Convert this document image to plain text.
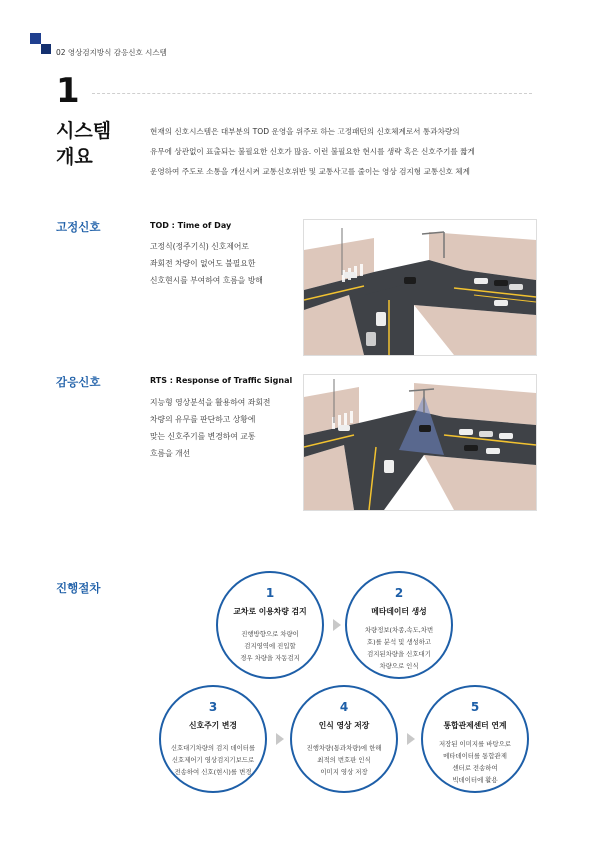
02 영상검지방식 감응신호 시스템
1
시스템
개요
현재의 신호시스템은 대부분의 TOD 운영을 위주로 하는 고정패턴의 신호체계로서 통과차량의
유무에 상관없이 표출되는 불필요한 신호가 많음. 이런 불필요한 현시를 생략 혹은 신호주기를 짧게
운영하여 주도로 소통을 개선시켜 교통신호위반 및 교통사고를 줄이는 영상 검지형 교통신호 체계
고정신호	TOD : Time of Day
고정식(정주기식) 신호제어로
좌회전 차량이 없어도 불필요한
신호현시를 부여하여 흐름을 방해
감응신호	RTS : Response of Traffic Signal
지능형 영상분석을 활용하여 좌회전
차량의 유무를 판단하고 상황에
맞는 신호주기를 변경하여 교통
흐름을 개선
진행절차	1
교차로 이용차량 검지
진행방향으로 차량이
검지영역에 진입할
경우 차량을 자동검지
2
메타데이터 생성
차량정보(차종,속도,차번
호)를 분석 및 생성하고
검지된차량을 신호대기
차량으로 인식
3
신호주기 변경
신호대기차량의 검지 데이터를
신호제어기 영상검지기보드로
전송하여 신호(현시)를 변경
4
인식 영상 저장
진행차량(통과차량)에 한해
최적의 번호판 인식
이미지 영상 저장
5
통합관제센터 연계
저장된 이미지를 바탕으로
메타데이터를 통합관제
센터로 전송하여
빅데이터에 활용
